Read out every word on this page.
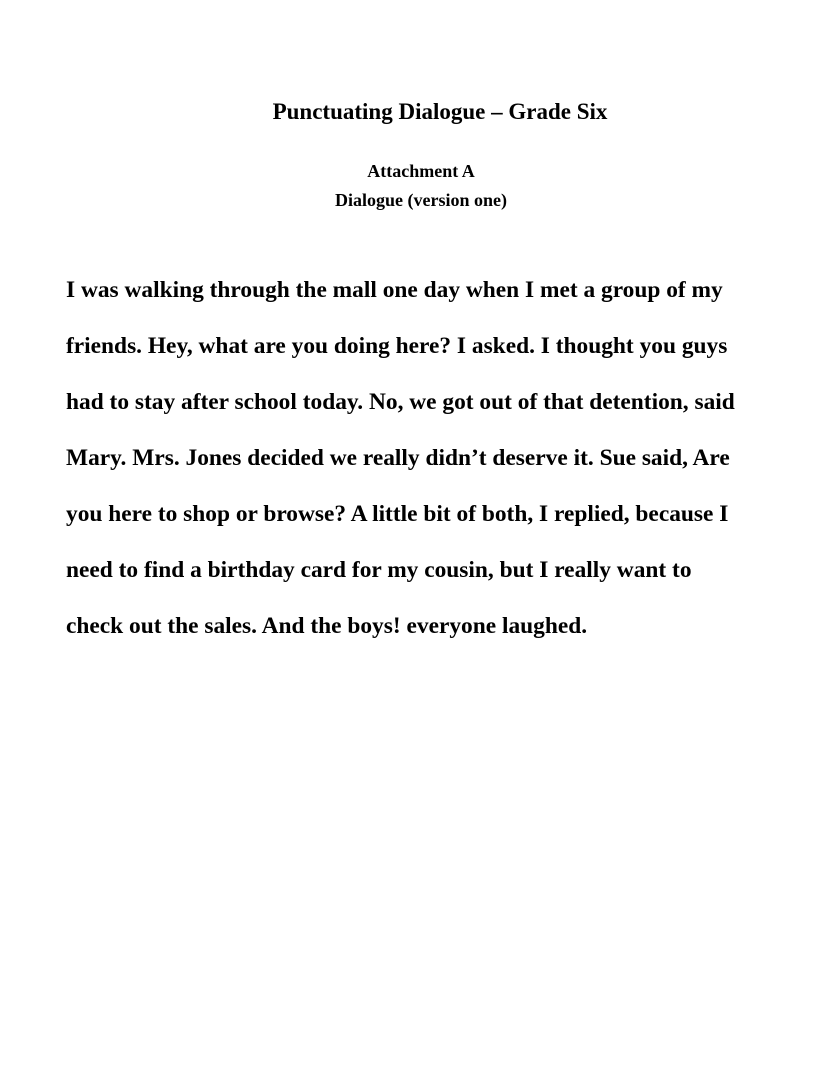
Punctuating Dialogue – Grade Six
Attachment A
Dialogue (version one)

I was walking through the mall one day when I met a group of my
friends. Hey, what are you doing here? I asked. I thought you guys
had to stay after school today. No, we got out of that detention, said
Mary. Mrs. Jones decided we really didn’t deserve it. Sue said, Are
you here to shop or browse? A little bit of both, I replied, because I
need to find a birthday card for my cousin, but I really want to
check out the sales. And the boys! everyone laughed.
